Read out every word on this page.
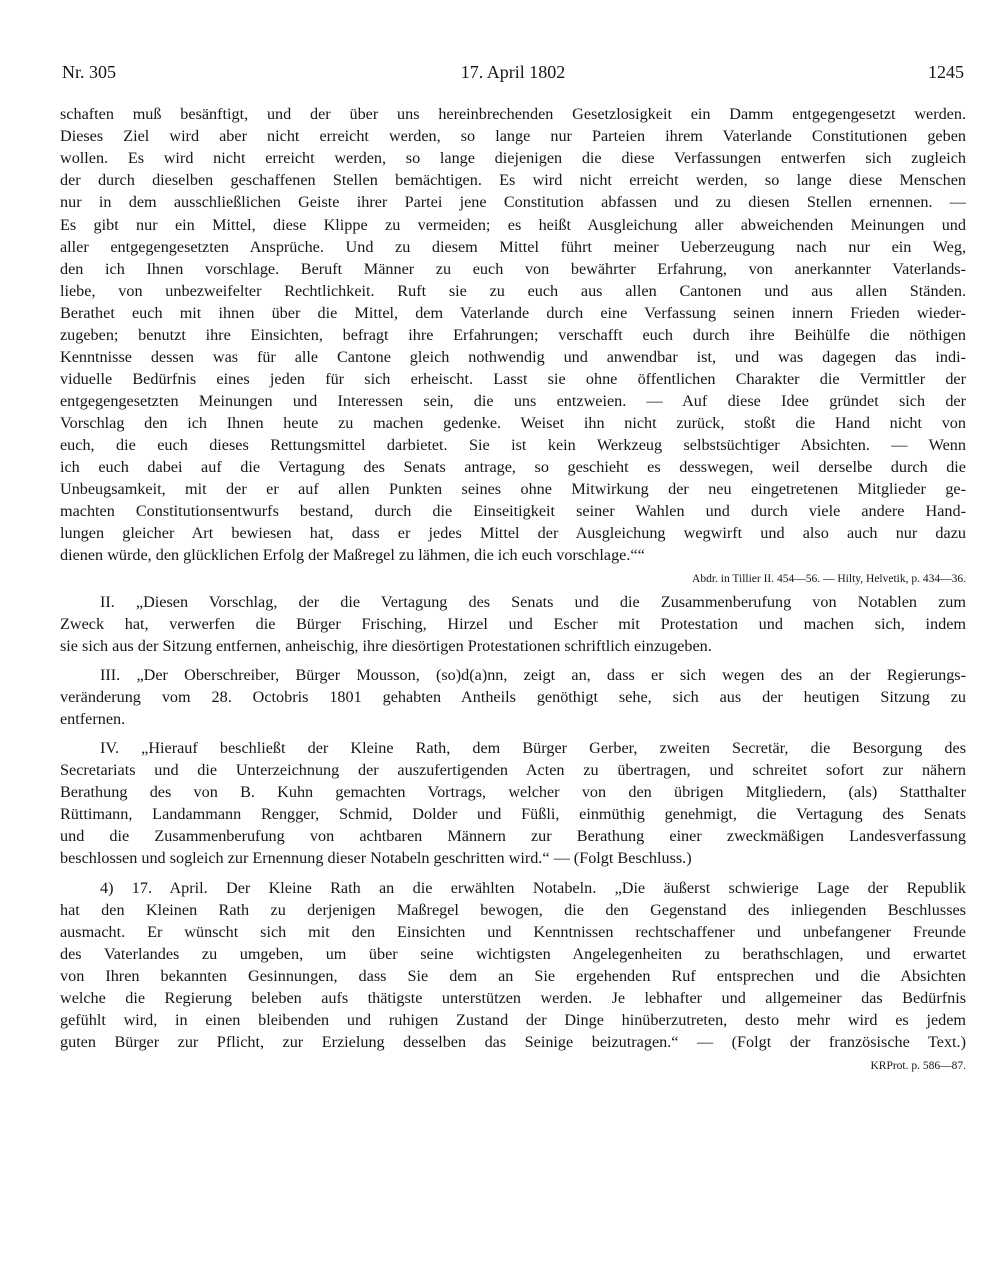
Nr. 305	17. April 1802	1245
schaften muß besänftigt, und der über uns hereinbrechenden Gesetzlosigkeit ein Damm entgegengesetzt werden.
Dieses Ziel wird aber nicht erreicht werden, so lange nur Parteien ihrem Vaterlande Constitutionen geben
wollen. Es wird nicht erreicht werden, so lange diejenigen die diese Verfassungen entwerfen sich zugleich
der durch dieselben geschaffenen Stellen bemächtigen. Es wird nicht erreicht werden, so lange diese Menschen
nur in dem ausschließlichen Geiste ihrer Partei jene Constitution abfassen und zu diesen Stellen ernennen. —
Es gibt nur ein Mittel, diese Klippe zu vermeiden; es heißt Ausgleichung aller abweichenden Meinungen und
aller entgegengesetzten Ansprüche. Und zu diesem Mittel führt meiner Ueberzeugung nach nur ein Weg,
den ich Ihnen vorschlage. Beruft Männer zu euch von bewährter Erfahrung, von anerkannter Vaterlands-
liebe, von unbezweifelter Rechtlichkeit. Ruft sie zu euch aus allen Cantonen und aus allen Ständen.
Berathet euch mit ihnen über die Mittel, dem Vaterlande durch eine Verfassung seinen innern Frieden wieder-
zugeben; benutzt ihre Einsichten, befragt ihre Erfahrungen; verschafft euch durch ihre Beihülfe die nöthigen
Kenntnisse dessen was für alle Cantone gleich nothwendig und anwendbar ist, und was dagegen das indi-
viduelle Bedürfnis eines jeden für sich erheischt. Lasst sie ohne öffentlichen Charakter die Vermittler der
entgegengesetzten Meinungen und Interessen sein, die uns entzweien. — Auf diese Idee gründet sich der
Vorschlag den ich Ihnen heute zu machen gedenke. Weiset ihn nicht zurück, stoßt die Hand nicht von
euch, die euch dieses Rettungsmittel darbietet. Sie ist kein Werkzeug selbstsüchtiger Absichten. — Wenn
ich euch dabei auf die Vertagung des Senats antrage, so geschieht es desswegen, weil derselbe durch die
Unbeugsamkeit, mit der er auf allen Punkten seines ohne Mitwirkung der neu eingetretenen Mitglieder ge-
machten Constitutionsentwurfs bestand, durch die Einseitigkeit seiner Wahlen und durch viele andere Hand-
lungen gleicher Art bewiesen hat, dass er jedes Mittel der Ausgleichung wegwirft und also auch nur dazu
dienen würde, den glücklichen Erfolg der Maßregel zu lähmen, die ich euch vorschlage.““
Abdr. in Tillier II. 454—56. — Hilty, Helvetik, p. 434—36.
II. „Diesen Vorschlag, der die Vertagung des Senats und die Zusammenberufung von Notablen zum
Zweck hat, verwerfen die Bürger Frisching, Hirzel und Escher mit Protestation und machen sich, indem
sie sich aus der Sitzung entfernen, anheischig, ihre diesörtigen Protestationen schriftlich einzugeben.
III. „Der Oberschreiber, Bürger Mousson, (so)d(a)nn, zeigt an, dass er sich wegen des an der Regierungs-
veränderung vom 28. Octobris 1801 gehabten Antheils genöthigt sehe, sich aus der heutigen Sitzung zu
entfernen.
IV. „Hierauf beschließt der Kleine Rath, dem Bürger Gerber, zweiten Secretär, die Besorgung des
Secretariats und die Unterzeichnung der auszufertigenden Acten zu übertragen, und schreitet sofort zur nähern
Berathung des von B. Kuhn gemachten Vortrags, welcher von den übrigen Mitgliedern, (als) Statthalter
Rüttimann, Landammann Rengger, Schmid, Dolder und Füßli, einmüthig genehmigt, die Vertagung des Senats
und die Zusammenberufung von achtbaren Männern zur Berathung einer zweckmäßigen Landesverfassung
beschlossen und sogleich zur Ernennung dieser Notabeln geschritten wird.“ — (Folgt Beschluss.)
4) 17. April. Der Kleine Rath an die erwählten Notabeln. „Die äußerst schwierige Lage der Republik
hat den Kleinen Rath zu derjenigen Maßregel bewogen, die den Gegenstand des inliegenden Beschlusses
ausmacht. Er wünscht sich mit den Einsichten und Kenntnissen rechtschaffener und unbefangener Freunde
des Vaterlandes zu umgeben, um über seine wichtigsten Angelegenheiten zu berathschlagen, und erwartet
von Ihren bekannten Gesinnungen, dass Sie dem an Sie ergehenden Ruf entsprechen und die Absichten
welche die Regierung beleben aufs thätigste unterstützen werden. Je lebhafter und allgemeiner das Bedürfnis
gefühlt wird, in einen bleibenden und ruhigen Zustand der Dinge hinüberzutreten, desto mehr wird es jedem
guten Bürger zur Pflicht, zur Erzielung desselben das Seinige beizutragen.“ — (Folgt der französische Text.)
KRProt. p. 586—87.
